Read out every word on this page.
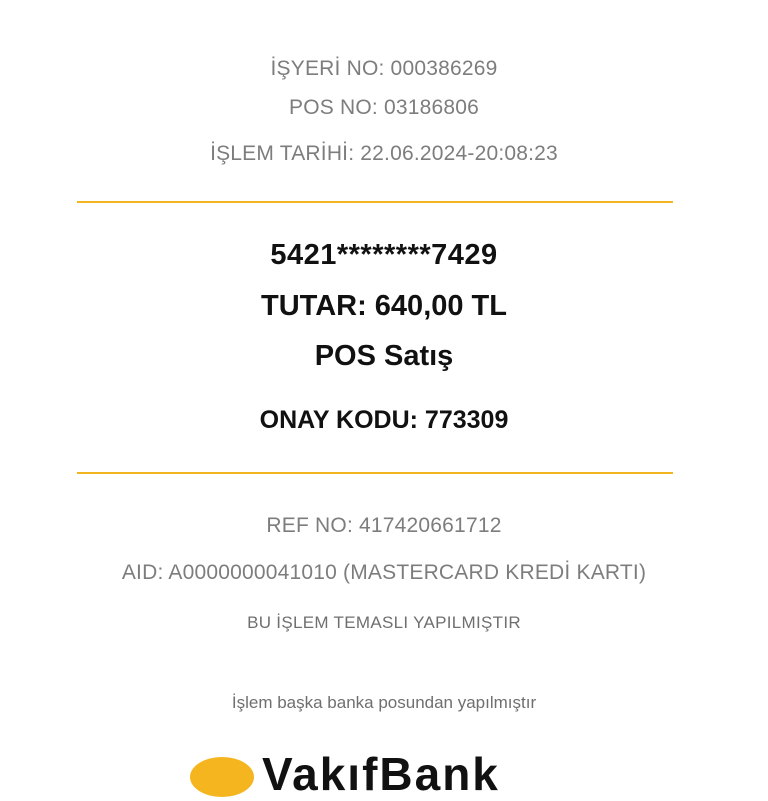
İŞYERİ NO: 000386269
POS NO: 03186806
İŞLEM TARİHİ: 22.06.2024-20:08:23
5421********7429
TUTAR: 640,00 TL
POS Satış
ONAY KODU: 773309
REF NO: 417420661712
AID: A0000000041010 (MASTERCARD KREDİ KARTI)
BU İŞLEM TEMASLI YAPILMIŞTIR
İşlem başka banka posundan yapılmıştır
VakıfBank
